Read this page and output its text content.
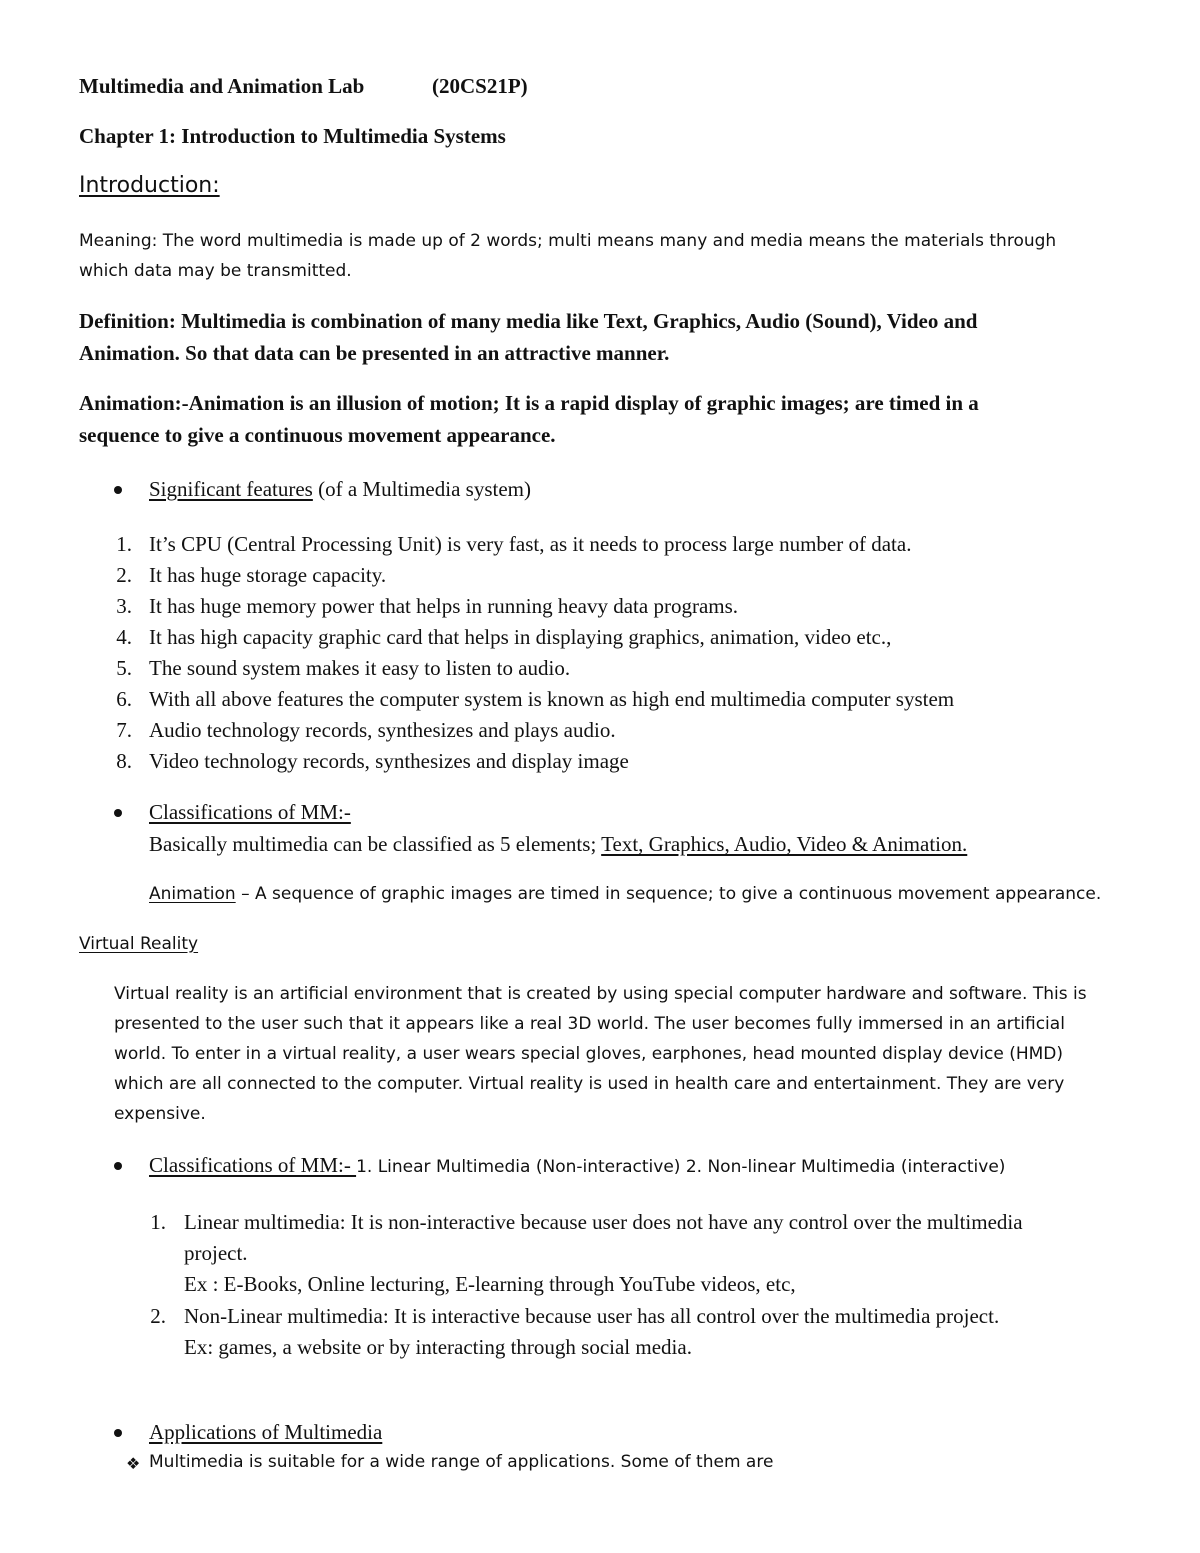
Multimedia and Animation Lab	(20CS21P)
Chapter 1: Introduction to Multimedia Systems
Introduction:
Meaning: The word multimedia is made up of 2 words; multi means many and media means the materials through
which data may be transmitted.
Definition: Multimedia is combination of many media like Text, Graphics, Audio (Sound), Video and
Animation. So that data can be presented in an attractive manner.
Animation:-Animation is an illusion of motion; It is a rapid display of graphic images; are timed in a
sequence to give a continuous movement appearance.
Significant features (of a Multimedia system)
1. It’s CPU (Central Processing Unit) is very fast, as it needs to process large number of data.
2. It has huge storage capacity.
3. It has huge memory power that helps in running heavy data programs.
4. It has high capacity graphic card that helps in displaying graphics, animation, video etc.,
5. The sound system makes it easy to listen to audio.
6. With all above features the computer system is known as high end multimedia computer system
7. Audio technology records, synthesizes and plays audio.
8. Video technology records, synthesizes and display image
Classifications of MM:-
Basically multimedia can be classified as 5 elements; Text, Graphics, Audio, Video & Animation.
Animation – A sequence of graphic images are timed in sequence; to give a continuous movement appearance.
Virtual Reality
Virtual reality is an artificial environment that is created by using special computer hardware and software. This is
presented to the user such that it appears like a real 3D world. The user becomes fully immersed in an artificial
world. To enter in a virtual reality, a user wears special gloves, earphones, head mounted display device (HMD)
which are all connected to the computer. Virtual reality is used in health care and entertainment. They are very
expensive.
Classifications of MM:- 1. Linear Multimedia (Non-interactive) 2. Non-linear Multimedia (interactive)
1. Linear multimedia: It is non-interactive because user does not have any control over the multimedia
project.
Ex : E-Books, Online lecturing, E-learning through YouTube videos, etc,
2. Non-Linear multimedia: It is interactive because user has all control over the multimedia project.
Ex: games, a website or by interacting through social media.
Applications of Multimedia
❖ Multimedia is suitable for a wide range of applications. Some of them are
